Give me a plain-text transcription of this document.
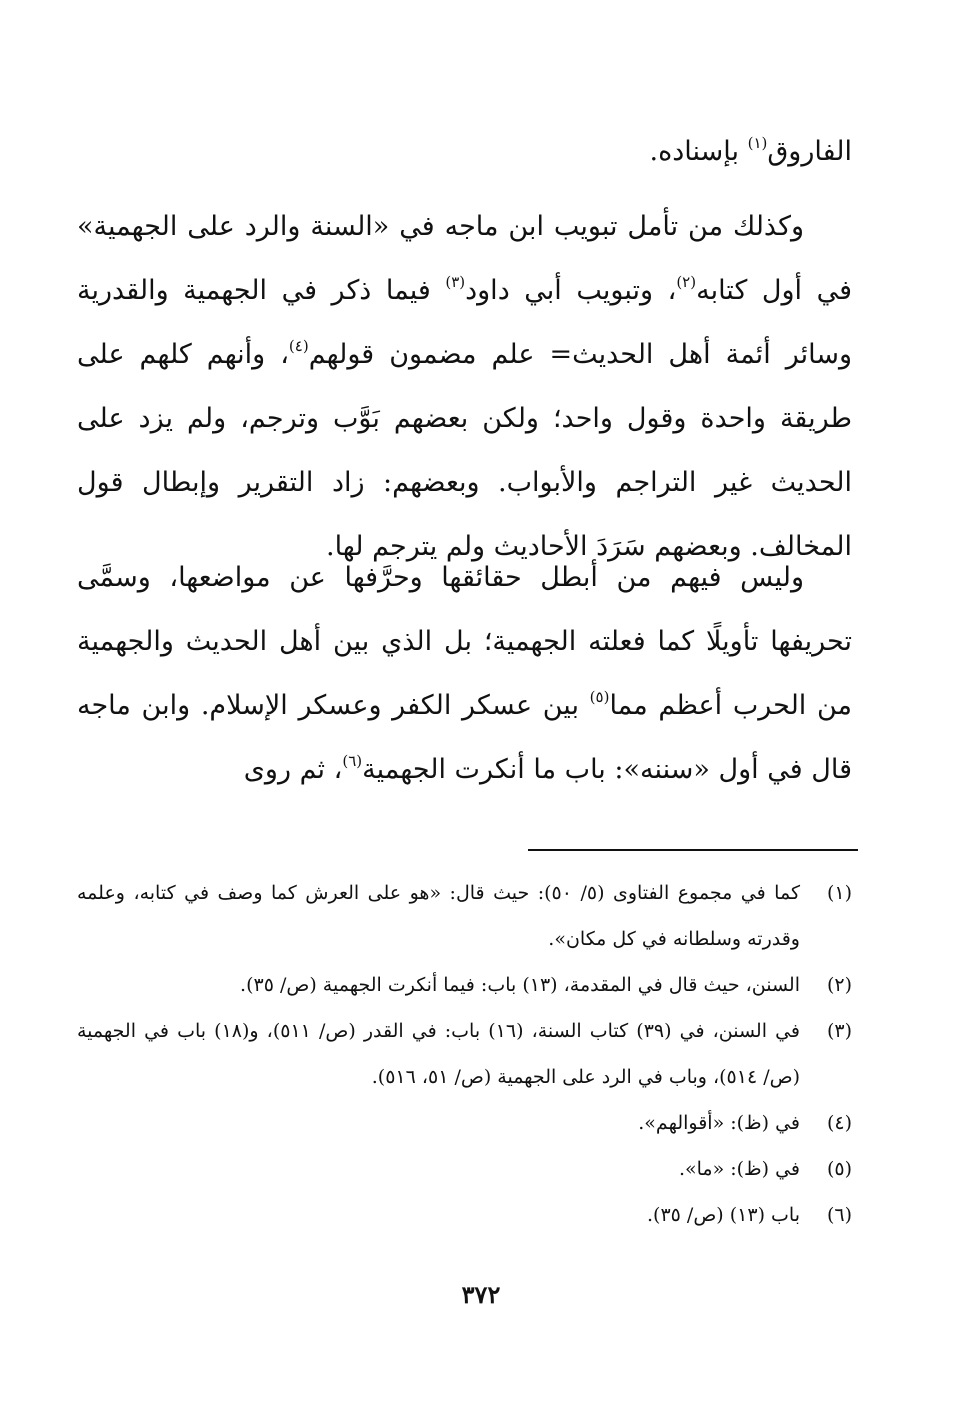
الفاروق$^{(١)}$ بإسناده.

وكذلك من تأمل تبويب ابن ماجه في «السنة والرد على الجهمية» في أول كتابه$^{(٢)}$، وتبويب أبي داود$^{(٣)}$ فيما ذكر في الجهمية والقدرية وسائر أئمة أهل الحديث= علم مضمون قولهم$^{(٤)}$، وأنهم كلهم على طريقة واحدة وقول واحد؛ ولكن بعضهم بَوَّب وترجم، ولم يزد على الحديث غير التراجم والأبواب. وبعضهم: زاد التقرير وإبطال قول المخالف. وبعضهم سَرَدَ الأحاديث ولم يترجم لها.

وليس فيهم من أبطل حقائقها وحرَّفها عن مواضعها، وسمَّى تحريفها تأويلًا كما فعلته الجهمية؛ بل الذي بين أهل الحديث والجهمية من الحرب أعظم مما$^{(٥)}$ بين عسكر الكفر وعسكر الإسلام. وابن ماجه قال في أول «سننه»: باب ما أنكرت الجهمية$^{(٦)}$، ثم روى

(١)
كما في مجموع الفتاوى (٥/ ٥٠): حيث قال: «هو على العرش كما وصف في كتابه، وعلمه وقدرته وسلطانه في كل مكان».
(٢)
السنن، حيث قال في المقدمة، (١٣) باب: فيما أنكرت الجهمية (ص/ ٣٥).
(٣)
في السنن، في (٣٩) كتاب السنة، (١٦) باب: في القدر (ص/ ٥١١)، و(١٨) باب في الجهمية (ص/ ٥١٤)، وباب في الرد على الجهمية (ص/ ٥١، ٥١٦).
(٤)
في (ظ): «أقوالهم».
(٥)
في (ظ): «ما».
(٦)
باب (١٣) (ص/ ٣٥).
٣٧٢
